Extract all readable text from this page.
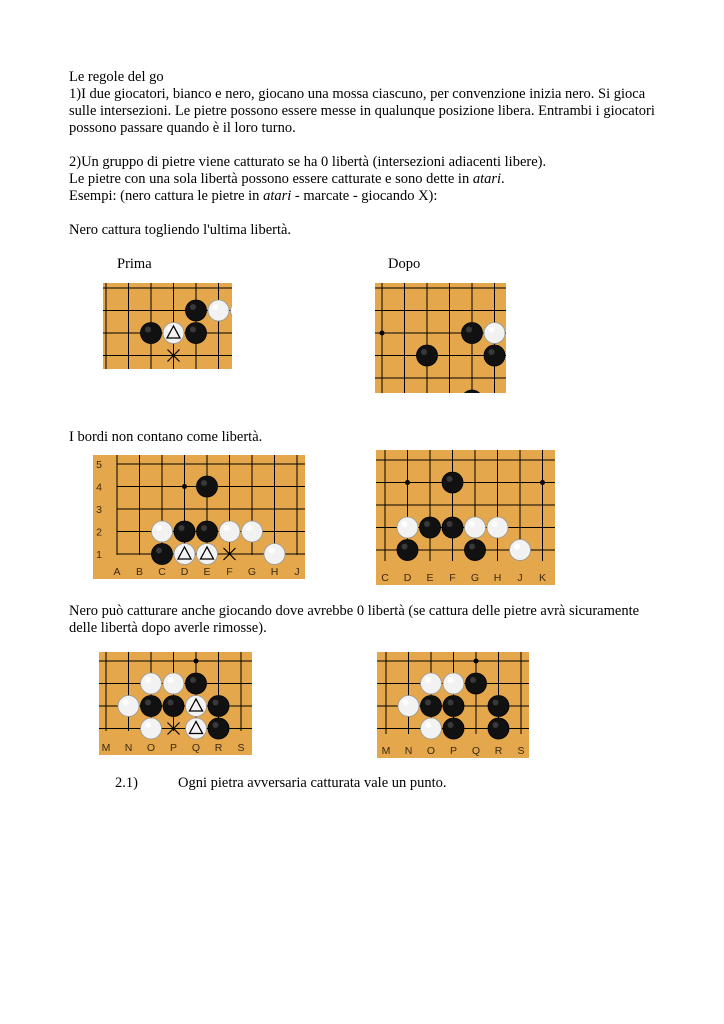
Le regole del go
1)I due giocatori, bianco e nero, giocano una mossa ciascuno, per convenzione inizia nero. Si gioca sulle intersezioni. Le pietre possono essere messe in qualunque posizione libera. Entrambi i giocatori possono passare quando è il loro turno.
2)Un gruppo di pietre viene catturato se ha 0 libertà (intersezioni adiacenti libere).
Le pietre con una sola libertà possono essere catturate e sono dette in atari.
Esempi: (nero cattura le pietre in atari - marcate - giocando X):
Nero cattura togliendo l'ultima libertà.
Prima	Dopo
I bordi non contano come libertà.
A B C D E F G H J
5
4
3
2
1
C D E F G H J K
Nero può catturare anche giocando dove avrebbe 0 libertà (se cattura delle pietre avrà sicuramente delle libertà dopo averle rimosse).
M N O P Q R S	M N O P Q R S
2.1)	Ogni pietra avversaria catturata vale un punto.
